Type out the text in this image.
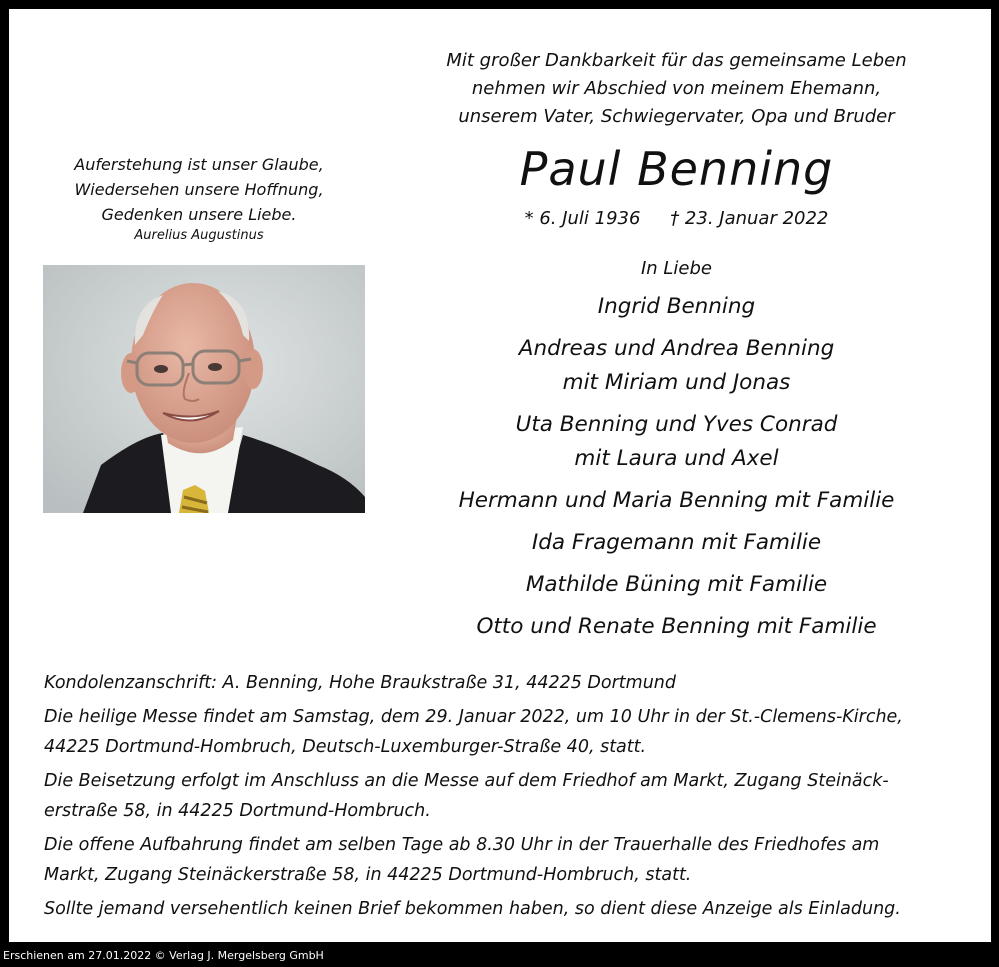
Mit großer Dankbarkeit für das gemeinsame Leben
nehmen wir Abschied von meinem Ehemann,
unserem Vater, Schwiegervater, Opa und Bruder
Paul Benning
* 6. Juli 1936 † 23. Januar 2022
Auferstehung ist unser Glaube,
Wiedersehen unsere Hoffnung,
Gedenken unsere Liebe.
Aurelius Augustinus
In Liebe
Ingrid Benning
Andreas und Andrea Benning
mit Miriam und Jonas
Uta Benning und Yves Conrad
mit Laura und Axel
Hermann und Maria Benning mit Familie
Ida Fragemann mit Familie
Mathilde Büning mit Familie
Otto und Renate Benning mit Familie

Kondolenzanschrift: A. Benning, Hohe Braukstraße 31, 44225 Dortmund

Die heilige Messe findet am Samstag, dem 29. Januar 2022, um 10 Uhr in der St.-Clemens-Kirche,
44225 Dortmund-Hombruch, Deutsch-Luxemburger-Straße 40, statt.

Die Beisetzung erfolgt im Anschluss an die Messe auf dem Friedhof am Markt, Zugang Steinäck-
erstraße 58, in 44225 Dortmund-Hombruch.

Die offene Aufbahrung findet am selben Tage ab 8.30 Uhr in der Trauerhalle des Friedhofes am
Markt, Zugang Steinäckerstraße 58, in 44225 Dortmund-Hombruch, statt.

Sollte jemand versehentlich keinen Brief bekommen haben, so dient diese Anzeige als Einladung.

Erschienen am 27.01.2022 © Verlag J. Mergelsberg GmbH
